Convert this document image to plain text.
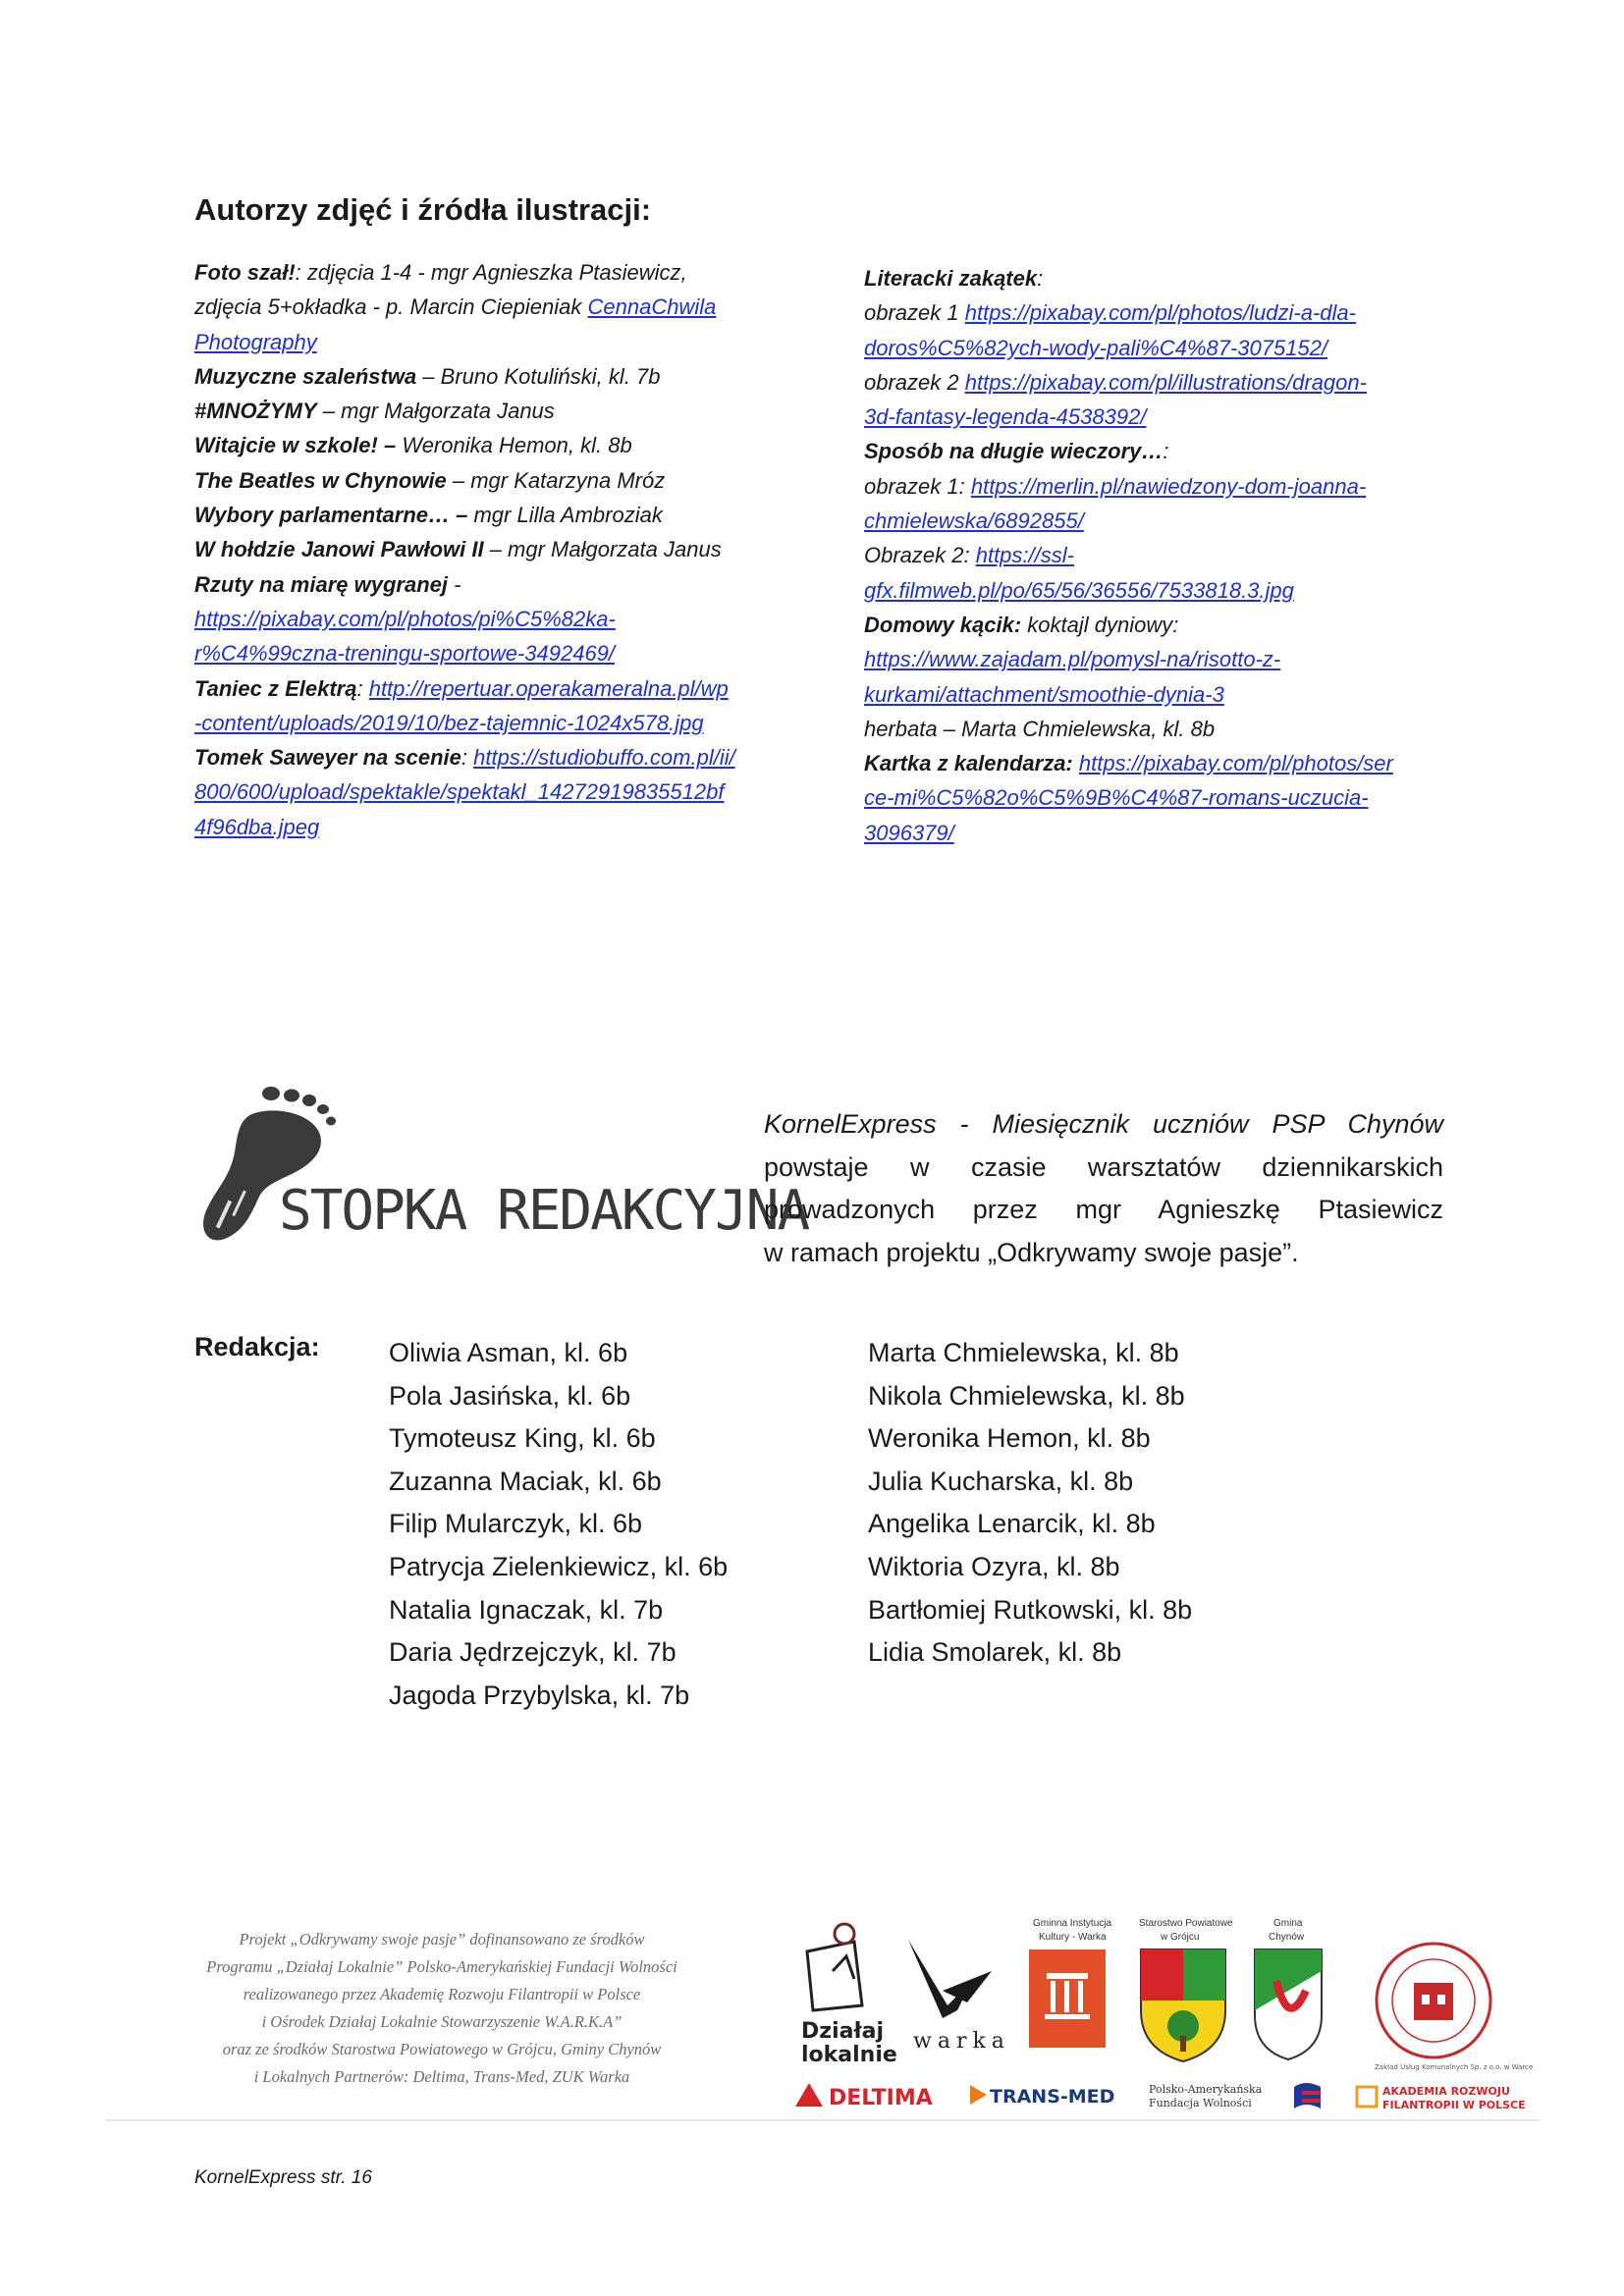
Autorzy zdjęć i źródła ilustracji:
Foto szał!: zdjęcia 1-4 - mgr Agnieszka Ptasiewicz,
zdjęcia 5+okładka - p. Marcin Ciepieniak CennaChwila
Photography
Muzyczne szaleństwa – Bruno Kotuliński, kl. 7b
#MNOŻYMY – mgr Małgorzata Janus
Witajcie w szkole! – Weronika Hemon, kl. 8b
The Beatles w Chynowie – mgr Katarzyna Mróz
Wybory parlamentarne… – mgr Lilla Ambroziak
W hołdzie Janowi Pawłowi II – mgr Małgorzata Janus
Rzuty na miarę wygranej -
https://pixabay.com/pl/photos/pi%C5%82ka-
r%C4%99czna-treningu-sportowe-3492469/
Taniec z Elektrą: http://repertuar.operakameralna.pl/wp
-content/uploads/2019/10/bez-tajemnic-1024x578.jpg
Tomek Saweyer na scenie: https://studiobuffo.com.pl/ii/
800/600/upload/spektakle/spektakl_14272919835512bf
4f96dba.jpeg
Literacki zakątek:
obrazek 1 https://pixabay.com/pl/photos/ludzi-a-dla-
doros%C5%82ych-wody-pali%C4%87-3075152/
obrazek 2 https://pixabay.com/pl/illustrations/dragon-
3d-fantasy-legenda-4538392/
Sposób na długie wieczory…:
obrazek 1: https://merlin.pl/nawiedzony-dom-joanna-
chmielewska/6892855/
Obrazek 2: https://ssl-
gfx.filmweb.pl/po/65/56/36556/7533818.3.jpg
Domowy kącik: koktajl dyniowy:
https://www.zajadam.pl/pomysl-na/risotto-z-
kurkami/attachment/smoothie-dynia-3
herbata – Marta Chmielewska, kl. 8b
Kartka z kalendarza: https://pixabay.com/pl/photos/ser
ce-mi%C5%82o%C5%9B%C4%87-romans-uczucia-
3096379/
STOPKA REDAKCYJNA
KornelExpress - Miesięcznik uczniów PSP Chynów
powstaje w czasie warsztatów dziennikarskich
prowadzonych przez mgr Agnieszkę Ptasiewicz
w ramach projektu „Odkrywamy swoje pasje”.
Redakcja:	Oliwia Asman, kl. 6b
Pola Jasińska, kl. 6b
Tymoteusz King, kl. 6b
Zuzanna Maciak, kl. 6b
Filip Mularczyk, kl. 6b
Patrycja Zielenkiewicz, kl. 6b
Natalia Ignaczak, kl. 7b
Daria Jędrzejczyk, kl. 7b
Jagoda Przybylska, kl. 7b
Marta Chmielewska, kl. 8b
Nikola Chmielewska, kl. 8b
Weronika Hemon, kl. 8b
Julia Kucharska, kl. 8b
Angelika Lenarcik, kl. 8b
Wiktoria Ozyra, kl. 8b
Bartłomiej Rutkowski, kl. 8b
Lidia Smolarek, kl. 8b
Projekt „Odkrywamy swoje pasje” dofinansowano ze środków
Programu „Działaj Lokalnie” Polsko-Amerykańskiej Fundacji Wolności
realizowanego przez Akademię Rozwoju Filantropii w Polsce
i Ośrodek Działaj Lokalnie Stowarzyszenie W.A.R.K.A”
oraz ze środków Starostwa Powiatowego w Grójcu, Gminy Chynów
i Lokalnych Partnerów: Deltima, Trans-Med, ZUK Warka
Działaj
lokalnie
warka
Gminna Instytucja
Kultury - Warka
Starostwo Powiatowe
w Grójcu
Gmina
Chynów
Zakład Usług Komunalnych Sp. z o.o. w Warce
DELTIMA	TRANS-MED	Polsko-Amerykańska
Fundacja Wolności
AKADEMIA ROZWOJU
FILANTROPII W POLSCE
KornelExpress str. 16
